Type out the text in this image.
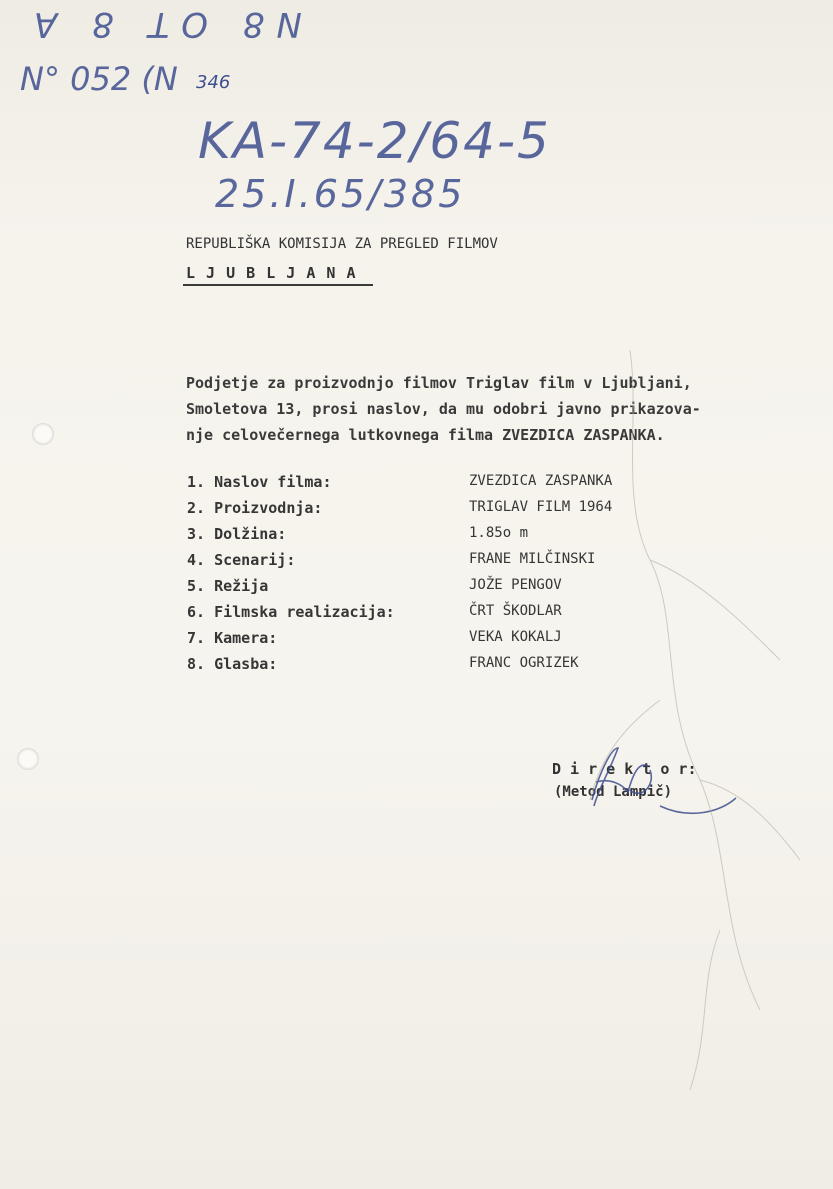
N8 OT 8 A
N° 052 (N 346
KA-74-2/64-5
25.I.65/385
REPUBLIŠKA KOMISIJA ZA PREGLED FILMOV
L J U B L J A N A
Podjetje za proizvodnjo filmov Triglav film v Ljubljani,
Smoletova 13, prosi naslov, da mu odobri javno prikazova-
nje celovečernega lutkovnega filma ZVEZDICA ZASPANKA.
1. Naslov filma:	ZVEZDICA ZASPANKA
2. Proizvodnja:	TRIGLAV FILM 1964
3. Dolžina:	1.85o m
4. Scenarij:	FRANE MILČINSKI
5. Režija	JOŽE PENGOV
6. Filmska realizacija:	ČRT ŠKODLAR
7. Kamera:	VEKA KOKALJ
8. Glasba:	FRANC OGRIZEK
D i r e k t o r:
(Metod Lampič)
